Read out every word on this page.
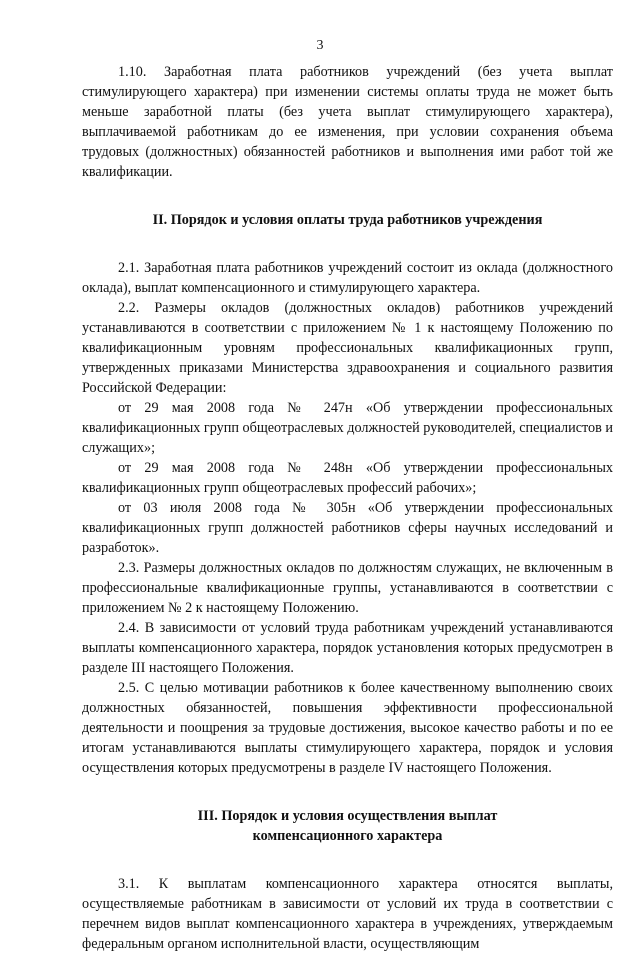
3

1.10. Заработная плата работников учреждений (без учета выплат стимулирующего характера) при изменении системы оплаты труда не может быть меньше заработной платы (без учета выплат стимулирующего характера), выплачиваемой работникам до ее изменения, при условии сохранения объема трудовых (должностных) обязанностей работников и выполнения ими работ той же квалификации.

II. Порядок и условия оплаты труда работников учреждения

2.1. Заработная плата работников учреждений состоит из оклада (должностного оклада), выплат компенсационного и стимулирующего характера.

2.2. Размеры окладов (должностных окладов) работников учреждений устанавливаются в соответствии с приложением № 1 к настоящему Положению по квалификационным уровням профессиональных квалификационных групп, утвержденных приказами Министерства здравоохранения и социального развития Российской Федерации:

от 29 мая 2008 года № 247н «Об утверждении профессиональных квалификационных групп общеотраслевых должностей руководителей, специалистов и служащих»;

от 29 мая 2008 года № 248н «Об утверждении профессиональных квалификационных групп общеотраслевых профессий рабочих»;

от 03 июля 2008 года № 305н «Об утверждении профессиональных квалификационных групп должностей работников сферы научных исследований и разработок».

2.3. Размеры должностных окладов по должностям служащих, не включенным в профессиональные квалификационные группы, устанавливаются в соответствии с приложением № 2 к настоящему Положению.

2.4. В зависимости от условий труда работникам учреждений устанавливаются выплаты компенсационного характера, порядок установления которых предусмотрен в разделе III настоящего Положения.

2.5. С целью мотивации работников к более качественному выполнению своих должностных обязанностей, повышения эффективности профессиональной деятельности и поощрения за трудовые достижения, высокое качество работы и по ее итогам устанавливаются выплаты стимулирующего характера, порядок и условия осуществления которых предусмотрены в разделе IV настоящего Положения.

III. Порядок и условия осуществления выплат
компенсационного характера

3.1. К выплатам компенсационного характера относятся выплаты, осуществляемые работникам в зависимости от условий их труда в соответствии с перечнем видов выплат компенсационного характера в учреждениях, утверждаемым федеральным органом исполнительной власти, осуществляющим
